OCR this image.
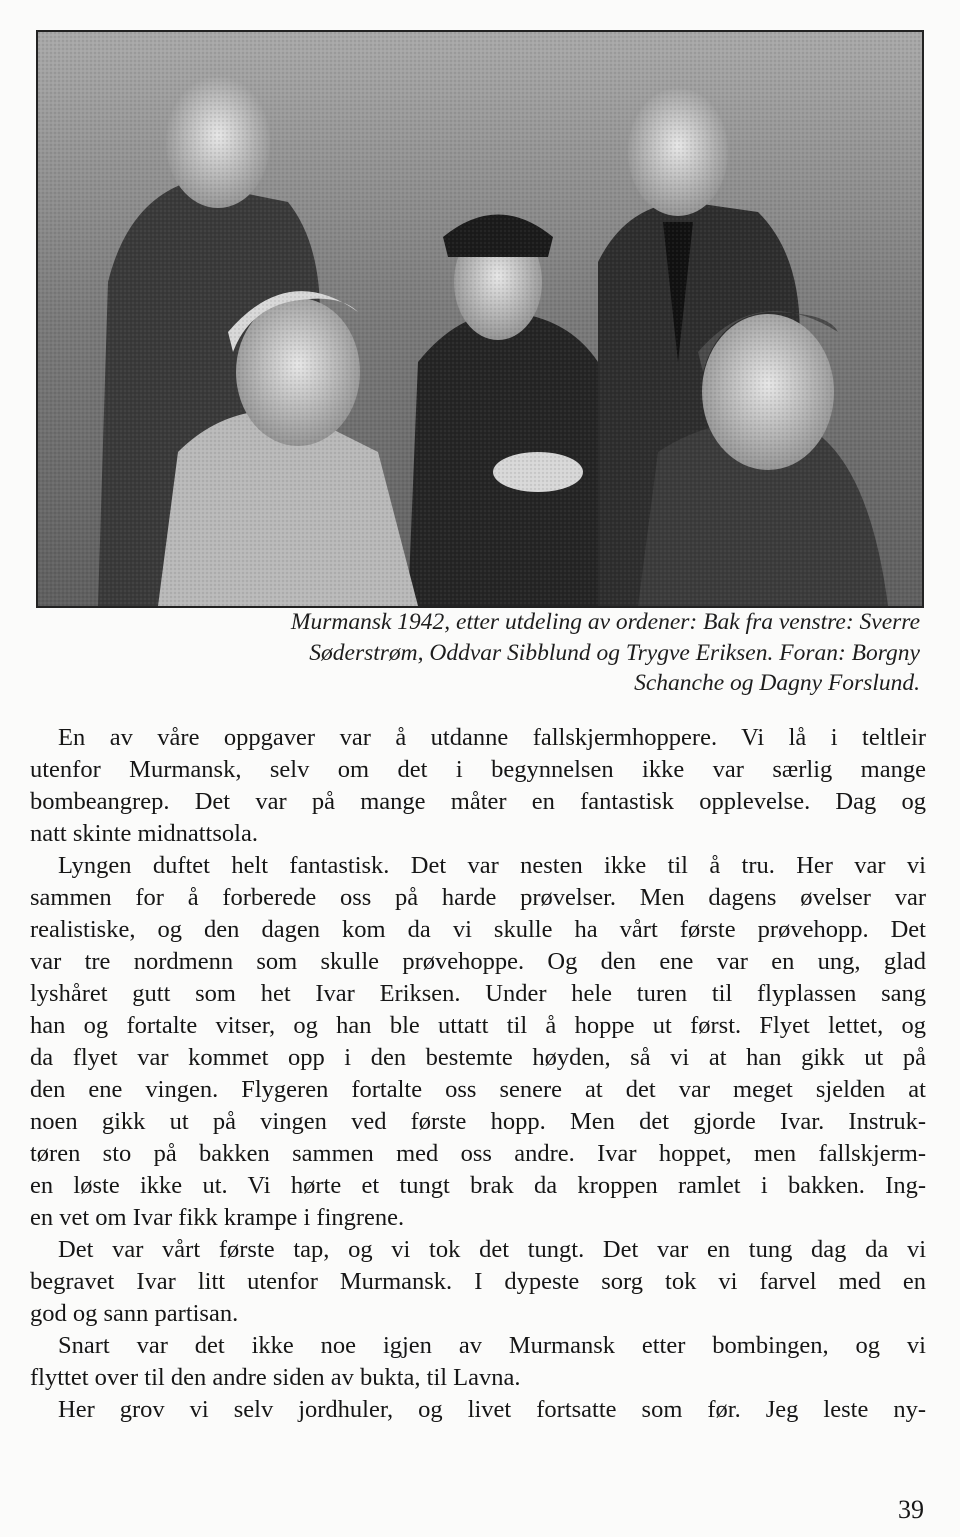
Murmansk 1942, etter utdeling av ordener: Bak fra venstre: Sverre
Søderstrøm, Oddvar Sibblund og Trygve Eriksen. Foran: Borgny
Schanche og Dagny Forslund.
En av våre oppgaver var å utdanne fallskjermhoppere. Vi lå i teltleir
utenfor Murmansk, selv om det i begynnelsen ikke var særlig mange
bombeangrep. Det var på mange måter en fantastisk opplevelse. Dag og
natt skinte midnattsola.
Lyngen duftet helt fantastisk. Det var nesten ikke til å tru. Her var vi
sammen for å forberede oss på harde prøvelser. Men dagens øvelser var
realistiske, og den dagen kom da vi skulle ha vårt første prøvehopp. Det
var tre nordmenn som skulle prøvehoppe. Og den ene var en ung, glad
lyshåret gutt som het Ivar Eriksen. Under hele turen til flyplassen sang
han og fortalte vitser, og han ble uttatt til å hoppe ut først. Flyet lettet, og
da flyet var kommet opp i den bestemte høyden, så vi at han gikk ut på
den ene vingen. Flygeren fortalte oss senere at det var meget sjelden at
noen gikk ut på vingen ved første hopp. Men det gjorde Ivar. Instruk-
tøren sto på bakken sammen med oss andre. Ivar hoppet, men fallskjerm-
en løste ikke ut. Vi hørte et tungt brak da kroppen ramlet i bakken. Ing-
en vet om Ivar fikk krampe i fingrene.
Det var vårt første tap, og vi tok det tungt. Det var en tung dag da vi
begravet Ivar litt utenfor Murmansk. I dypeste sorg tok vi farvel med en
god og sann partisan.
Snart var det ikke noe igjen av Murmansk etter bombingen, og vi
flyttet over til den andre siden av bukta, til Lavna.
Her grov vi selv jordhuler, og livet fortsatte som før. Jeg leste ny-
39
